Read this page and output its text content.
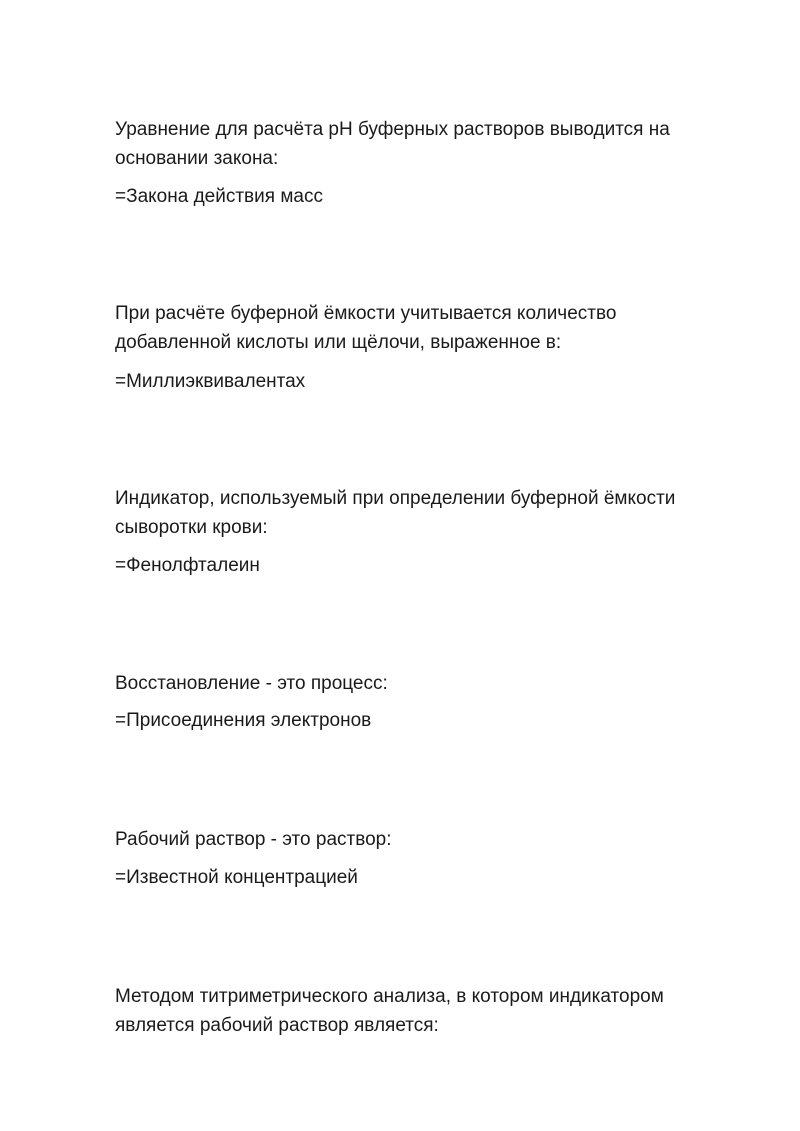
Уравнение для расчёта pH буферных растворов выводится на
основании закона:

=Закона действия масс

При расчёте буферной ёмкости учитывается количество
добавленной кислоты или щёлочи, выраженное в:

=Миллиэквивалентах

Индикатор, используемый при определении буферной ёмкости
сыворотки крови:

=Фенолфталеин

Восстановление - это процесс:

=Присоединения электронов

Рабочий раствор - это раствор:

=Известной концентрацией

Методом титриметрического анализа, в котором индикатором
является рабочий раствор является:
